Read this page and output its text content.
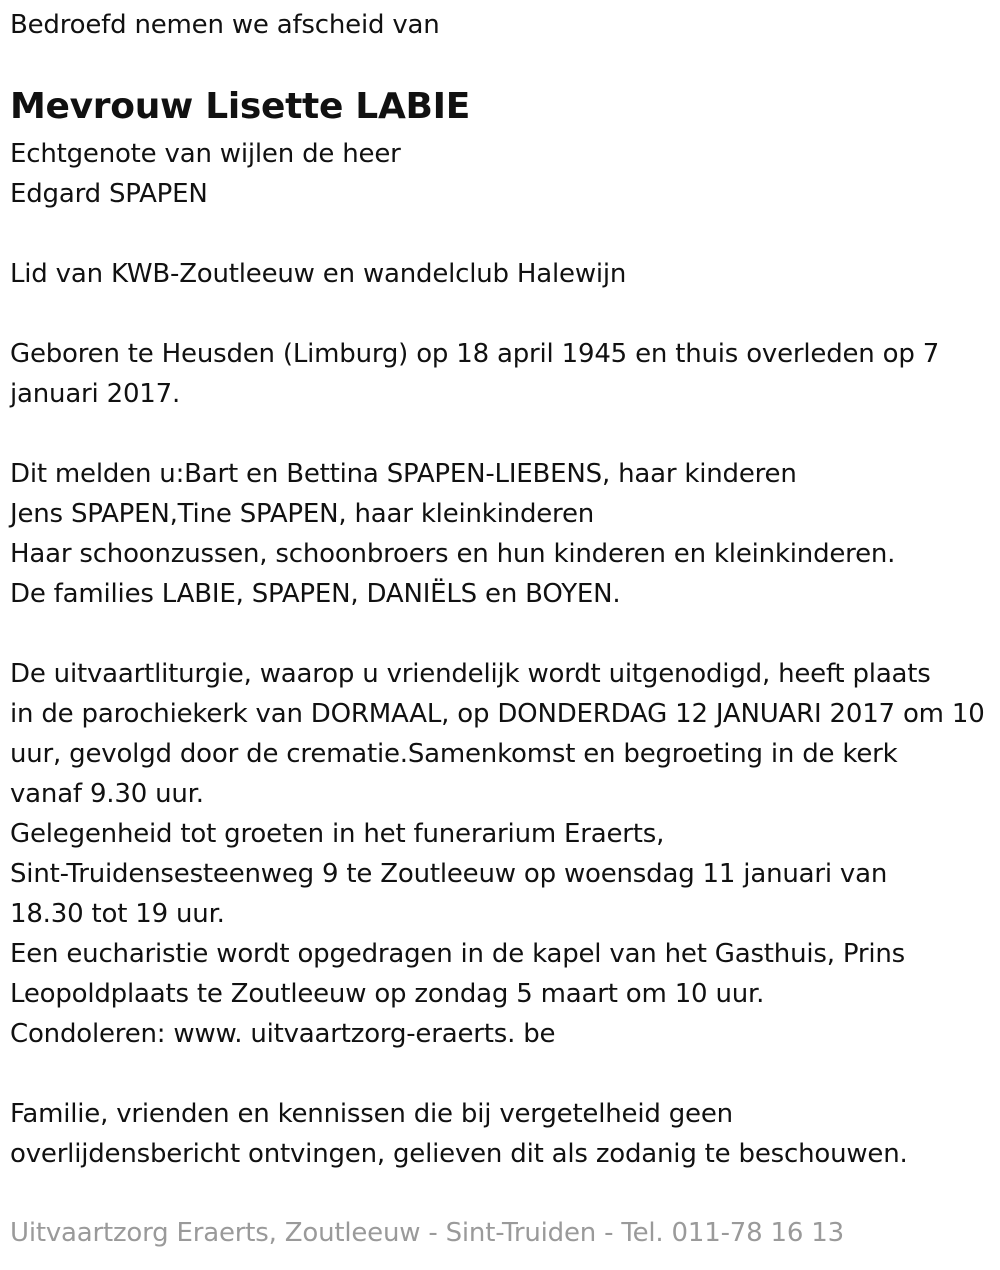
Bedroefd nemen we afscheid van
Mevrouw Lisette LABIE
Echtgenote van wijlen de heer
Edgard SPAPEN
Lid van KWB-Zoutleeuw en wandelclub Halewijn
Geboren te Heusden (Limburg) op 18 april 1945 en thuis overleden op 7
januari 2017.
Dit melden u:Bart en Bettina SPAPEN-LIEBENS, haar kinderen
Jens SPAPEN,Tine SPAPEN, haar kleinkinderen
Haar schoonzussen, schoonbroers en hun kinderen en kleinkinderen.
De families LABIE, SPAPEN, DANIËLS en BOYEN.
De uitvaartliturgie, waarop u vriendelijk wordt uitgenodigd, heeft plaats
in de parochiekerk van DORMAAL, op DONDERDAG 12 JANUARI 2017 om 10
uur, gevolgd door de crematie.Samenkomst en begroeting in de kerk
vanaf 9.30 uur.
Gelegenheid tot groeten in het funerarium Eraerts,
Sint-Truidensesteenweg 9 te Zoutleeuw op woensdag 11 januari van
18.30 tot 19 uur.
Een eucharistie wordt opgedragen in de kapel van het Gasthuis, Prins
Leopoldplaats te Zoutleeuw op zondag 5 maart om 10 uur.
Condoleren: www. uitvaartzorg-eraerts. be
Familie, vrienden en kennissen die bij vergetelheid geen
overlijdensbericht ontvingen, gelieven dit als zodanig te beschouwen.
Uitvaartzorg Eraerts, Zoutleeuw - Sint-Truiden - Tel. 011-78 16 13
